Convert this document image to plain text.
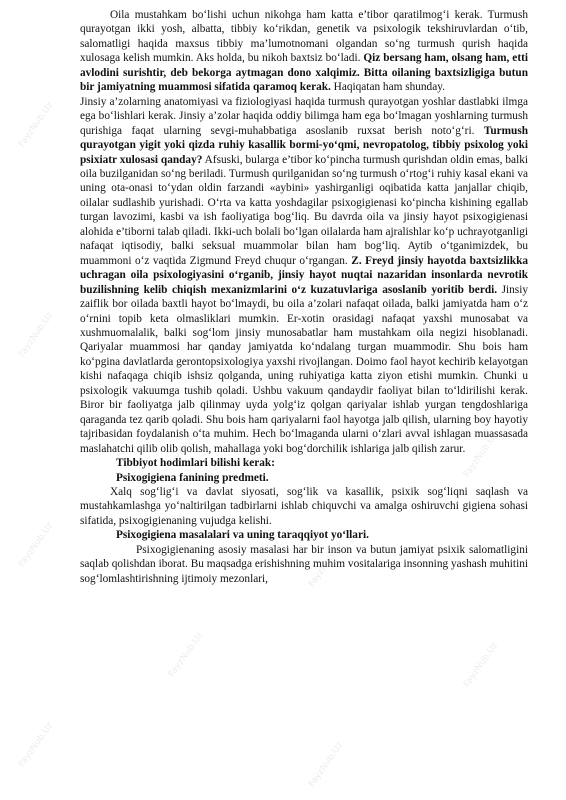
Oila mustahkam bo‘lishi uchun nikohga ham katta e’tibor qaratilmog‘i kerak. Turmush qurayotgan ikki yosh, albatta, tibbiy ko‘rikdan, genetik va psixologik tekshiruvlardan o‘tib, salomatligi haqida maxsus tibbiy ma’lumotnomani olgandan so‘ng turmush qurish haqida xulosaga kelish mumkin. Aks holda, bu nikoh baxtsiz bo‘ladi. Qiz bersang ham, olsang ham, etti avlodini surishtir, deb bekorga aytmagan dono xalqimiz. Bitta oilaning baxtsizligiga butun bir jamiyatning muammosi sifatida qaramoq kerak. Haqiqatan ham shunday.

Jinsiy a’zolarning anatomiyasi va fiziologiyasi haqida turmush qurayotgan yoshlar dastlabki ilmga ega bo‘lishlari kerak. Jinsiy a’zolar haqida oddiy bilimga ham ega bo‘lmagan yoshlarning turmush qurishiga faqat ularning sevgi-muhabbatiga asoslanib ruxsat berish noto‘g‘ri. Turmush qurayotgan yigit yoki qizda ruhiy kasallik bormi-yo‘qmi, nevropatolog, tibbiy psixolog yoki psixiatr xulosasi qanday? Afsuski, bularga e’tibor ko‘pincha turmush qurishdan oldin emas, balki oila buzilganidan so‘ng beriladi. Turmush qurilganidan so‘ng turmush o‘rtog‘i ruhiy kasal ekani va uning ota-onasi to‘ydan oldin farzandi «aybini» yashirganligi oqibatida katta janjallar chiqib, oilalar sudlashib yurishadi. O‘rta va katta yoshdagilar psixogigienasi ko‘pincha kishining egallab turgan lavozimi, kasbi va ish faoliyatiga bog‘liq. Bu davrda oila va jinsiy hayot psixogigienasi alohida e’tiborni talab qiladi. Ikki-uch bolali bo‘lgan oilalarda ham ajralishlar ko‘p uchrayotganligi nafaqat iqtisodiy, balki seksual muammolar bilan ham bog‘liq. Aytib o‘tganimizdek, bu muammoni o‘z vaqtida Zigmund Freyd chuqur o‘rgangan. Z. Freyd jinsiy hayotda baxtsizlikka uchragan oila psixologiyasini o‘rganib, jinsiy hayot nuqtai nazaridan insonlarda nevrotik buzilishning kelib chiqish mexanizmlarini o‘z kuzatuvlariga asoslanib yoritib berdi. Jinsiy zaiflik bor oilada baxtli hayot bo‘lmaydi, bu oila a’zolari nafaqat oilada, balki jamiyatda ham o‘z o‘rnini topib keta olmasliklari mumkin. Er-xotin orasidagi nafaqat yaxshi munosabat va xushmuomalalik, balki sog‘lom jinsiy munosabatlar ham mustahkam oila negizi hisoblanadi. Qariyalar muammosi har qanday jamiyatda ko‘ndalang turgan muammodir. Shu bois ham ko‘pgina davlatlarda gerontopsixologiya yaxshi rivojlangan. Doimo faol hayot kechirib kelayotgan kishi nafaqaga chiqib ishsiz qolganda, uning ruhiyatiga katta ziyon etishi mumkin. Chunki u psixologik vakuumga tushib qoladi. Ushbu vakuum qandaydir faoliyat bilan to‘ldirilishi kerak. Biror bir faoliyatga jalb qilinmay uyda yolg‘iz qolgan qariyalar ishlab yurgan tengdoshlariga qaraganda tez qarib qoladi. Shu bois ham qariyalarni faol hayotga jalb qilish, ularning boy hayotiy tajribasidan foydalanish o‘ta muhim. Hech bo‘lmaganda ularni o‘zlari avval ishlagan muassasada maslahatchi qilib olib qolish, mahallaga yoki bog‘dorchilik ishlariga jalb qilish zarur.

Tibbiyot hodimlari bilishi kerak:

Psixogigiena fanining predmeti.

Xalq sog‘lig‘i va davlat siyosati, sog‘lik va kasallik, psixik sog‘liqni saqlash va mustahkamlashga yo‘naltirilgan tadbirlarni ishlab chiquvchi va amalga oshiruvchi gigiena sohasi sifatida, psixogigienaning vujudga kelishi.

Psixogigiena masalalari va uning taraqqiyot yo‘llari.

Psixogigienaning asosiy masalasi har bir inson va butun jamiyat psixik salomatligini saqlab qolishdan iborat. Bu maqsadga erishishning muhim vositalariga insonning yashash muhitini sog‘lomlashtirishning ijtimoiy mezonlari,

FayzNub.Uz
FayzNub.Uz
FayzNub.Uz
FayzNub.Uz
FayzNub.Uz
FayzNub.Uz
FayzNub.Uz
FayzNub.Uz
FayzNub.Uz
FayzNub.Uz
FayzNub.Uz
FayzNub.Uz
FayzNub.Uz
FayzNub.Uz
